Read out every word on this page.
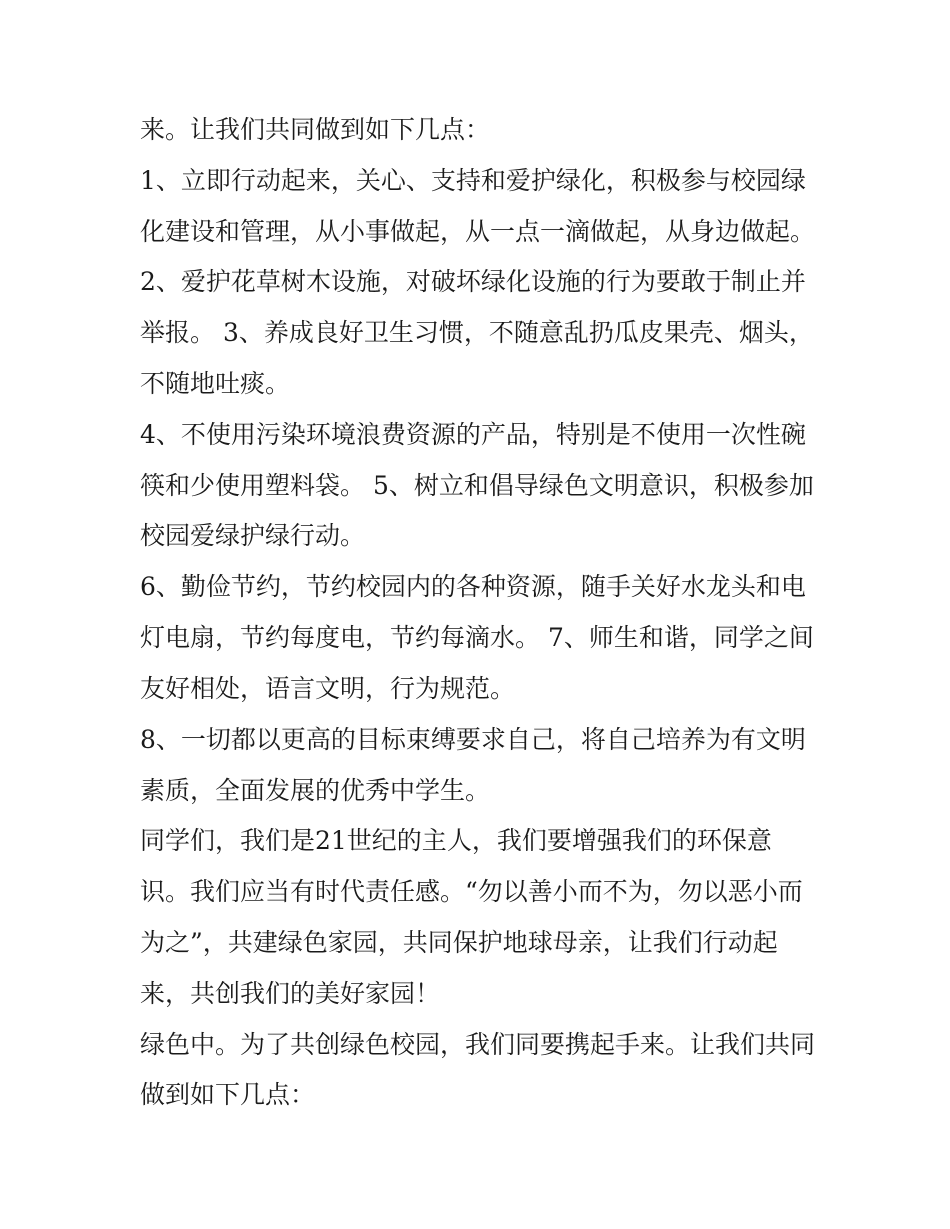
来。让我们共同做到如下几点：
1、立即行动起来，关心、支持和爱护绿化，积极参与校园绿
化建设和管理，从小事做起，从一点一滴做起，从身边做起。
2、爱护花草树木设施，对破坏绿化设施的行为要敢于制止并
举报。 3、养成良好卫生习惯，不随意乱扔瓜皮果壳、烟头，
不随地吐痰。
4、不使用污染环境浪费资源的产品，特别是不使用一次性碗
筷和少使用塑料袋。 5、树立和倡导绿色文明意识，积极参加
校园爱绿护绿行动。
6、勤俭节约，节约校园内的各种资源，随手关好水龙头和电
灯电扇，节约每度电，节约每滴水。 7、师生和谐，同学之间
友好相处，语言文明，行为规范。
8、一切都以更高的目标束缚要求自己，将自己培养为有文明
素质，全面发展的优秀中学生。
同学们，我们是21世纪的主人，我们要增强我们的环保意
识。我们应当有时代责任感。“勿以善小而不为，勿以恶小而
为之”，共建绿色家园，共同保护地球母亲，让我们行动起
来，共创我们的美好家园！
绿色中。为了共创绿色校园，我们同要携起手来。让我们共同
做到如下几点：
